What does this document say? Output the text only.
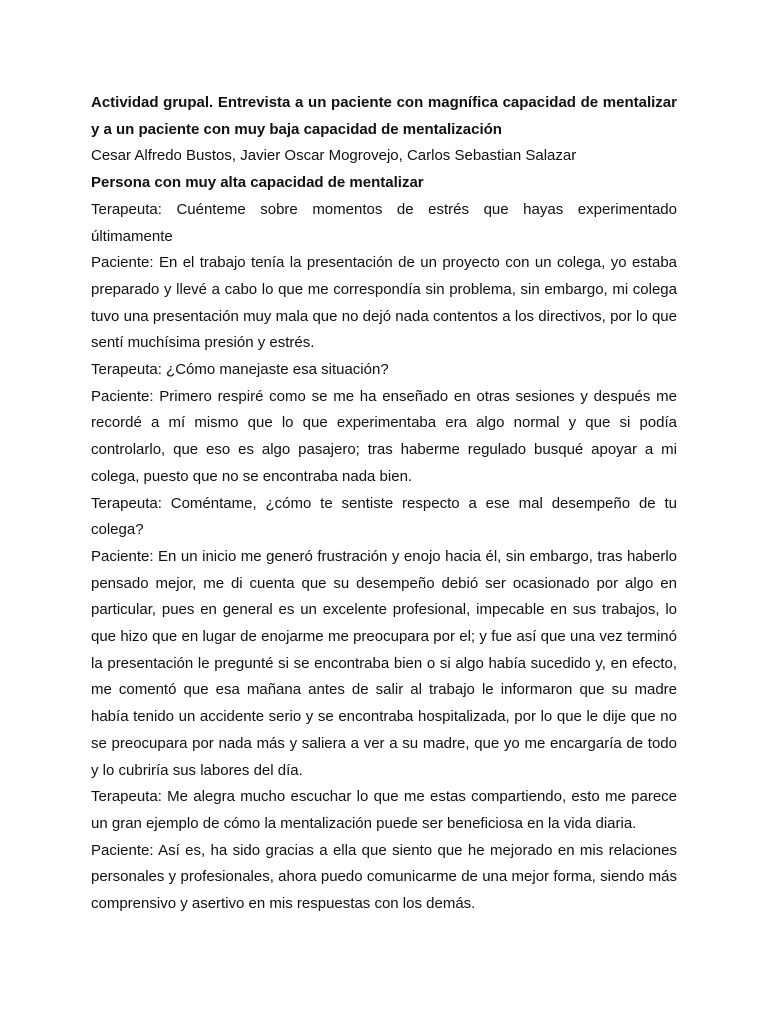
Actividad grupal. Entrevista a un paciente con magnífica capacidad de mentalizar y a un paciente con muy baja capacidad de mentalización

Cesar Alfredo Bustos, Javier Oscar Mogrovejo, Carlos Sebastian Salazar

Persona con muy alta capacidad de mentalizar

Terapeuta: Cuénteme sobre momentos de estrés que hayas experimentado últimamente

Paciente: En el trabajo tenía la presentación de un proyecto con un colega, yo estaba preparado y llevé a cabo lo que me correspondía sin problema, sin embargo, mi colega tuvo una presentación muy mala que no dejó nada contentos a los directivos, por lo que sentí muchísima presión y estrés.

Terapeuta: ¿Cómo manejaste esa situación?

Paciente: Primero respiré como se me ha enseñado en otras sesiones y después me recordé a mí mismo que lo que experimentaba era algo normal y que si podía controlarlo, que eso es algo pasajero; tras haberme regulado busqué apoyar a mi colega, puesto que no se encontraba nada bien.

Terapeuta: Coméntame, ¿cómo te sentiste respecto a ese mal desempeño de tu colega?

Paciente: En un inicio me generó frustración y enojo hacia él, sin embargo, tras haberlo pensado mejor, me di cuenta que su desempeño debió ser ocasionado por algo en particular, pues en general es un excelente profesional, impecable en sus trabajos, lo que hizo que en lugar de enojarme me preocupara por el; y fue así que una vez terminó la presentación le pregunté si se encontraba bien o si algo había sucedido y, en efecto, me comentó que esa mañana antes de salir al trabajo le informaron que su madre había tenido un accidente serio y se encontraba hospitalizada, por lo que le dije que no se preocupara por nada más y saliera a ver a su madre, que yo me encargaría de todo y lo cubriría sus labores del día.

Terapeuta: Me alegra mucho escuchar lo que me estas compartiendo, esto me parece un gran ejemplo de cómo la mentalización puede ser beneficiosa en la vida diaria.

Paciente: Así es, ha sido gracias a ella que siento que he mejorado en mis relaciones personales y profesionales, ahora puedo comunicarme de una mejor forma, siendo más comprensivo y asertivo en mis respuestas con los demás.
